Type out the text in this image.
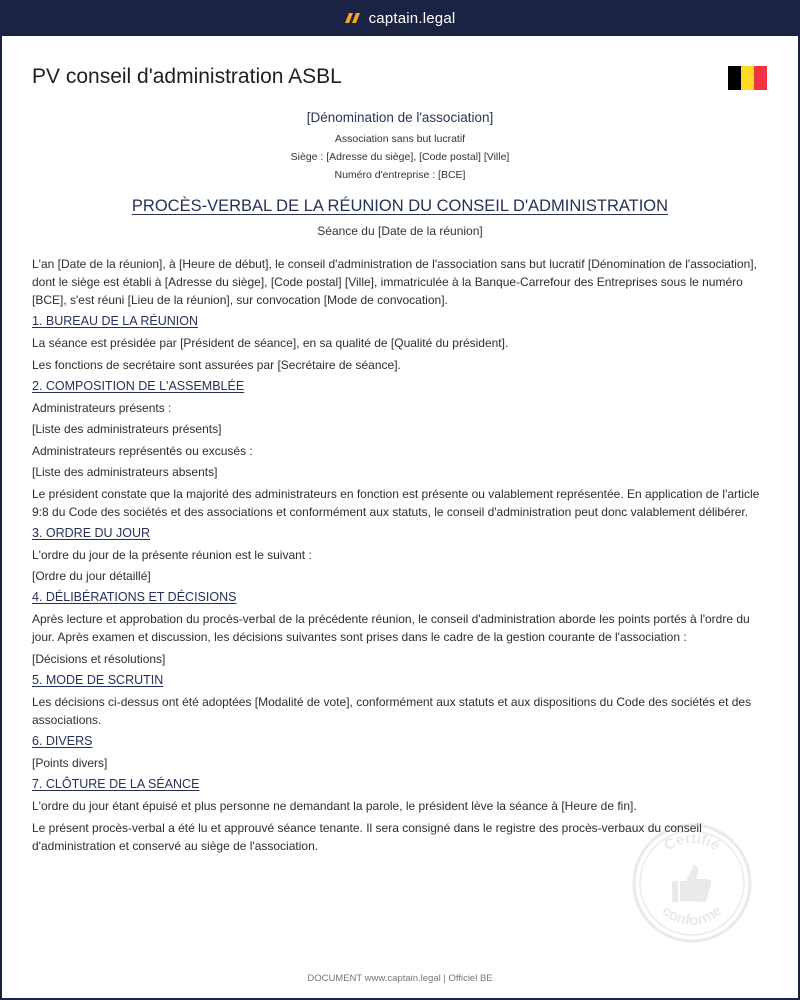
captain.legal
PV conseil d'administration ASBL
[Dénomination de l'association]
Association sans but lucratif
Siège : [Adresse du siège], [Code postal] [Ville]
Numéro d'entreprise : [BCE]
PROCÈS-VERBAL DE LA RÉUNION DU CONSEIL D'ADMINISTRATION
Séance du [Date de la réunion]

L'an [Date de la réunion], à [Heure de début], le conseil d'administration de l'association sans but lucratif [Dénomination de l'association], dont le siège est établi à [Adresse du siège], [Code postal] [Ville], immatriculée à la Banque-Carrefour des Entreprises sous le numéro [BCE], s'est réuni [Lieu de la réunion], sur convocation [Mode de convocation].

1. BUREAU DE LA RÉUNION

La séance est présidée par [Président de séance], en sa qualité de [Qualité du président].

Les fonctions de secrétaire sont assurées par [Secrétaire de séance].

2. COMPOSITION DE L'ASSEMBLÉE

Administrateurs présents :

[Liste des administrateurs présents]

Administrateurs représentés ou excusés :

[Liste des administrateurs absents]

Le président constate que la majorité des administrateurs en fonction est présente ou valablement représentée. En application de l'article 9:8 du Code des sociétés et des associations et conformément aux statuts, le conseil d'administration peut donc valablement délibérer.

3. ORDRE DU JOUR

L'ordre du jour de la présente réunion est le suivant :

[Ordre du jour détaillé]

4. DÉLIBÉRATIONS ET DÉCISIONS

Après lecture et approbation du procès-verbal de la précédente réunion, le conseil d'administration aborde les points portés à l'ordre du jour. Après examen et discussion, les décisions suivantes sont prises dans le cadre de la gestion courante de l'association :

[Décisions et résolutions]

5. MODE DE SCRUTIN

Les décisions ci-dessus ont été adoptées [Modalité de vote], conformément aux statuts et aux dispositions du Code des sociétés et des associations.

6. DIVERS

[Points divers]

7. CLÔTURE DE LA SÉANCE

L'ordre du jour étant épuisé et plus personne ne demandant la parole, le président lève la séance à [Heure de fin].

Le présent procès-verbal a été lu et approuvé séance tenante. Il sera consigné dans le registre des procès-verbaux du conseil d'administration et conservé au siège de l'association.	Certifié
conforme
DOCUMENT www.captain.legal | Officiel BE
